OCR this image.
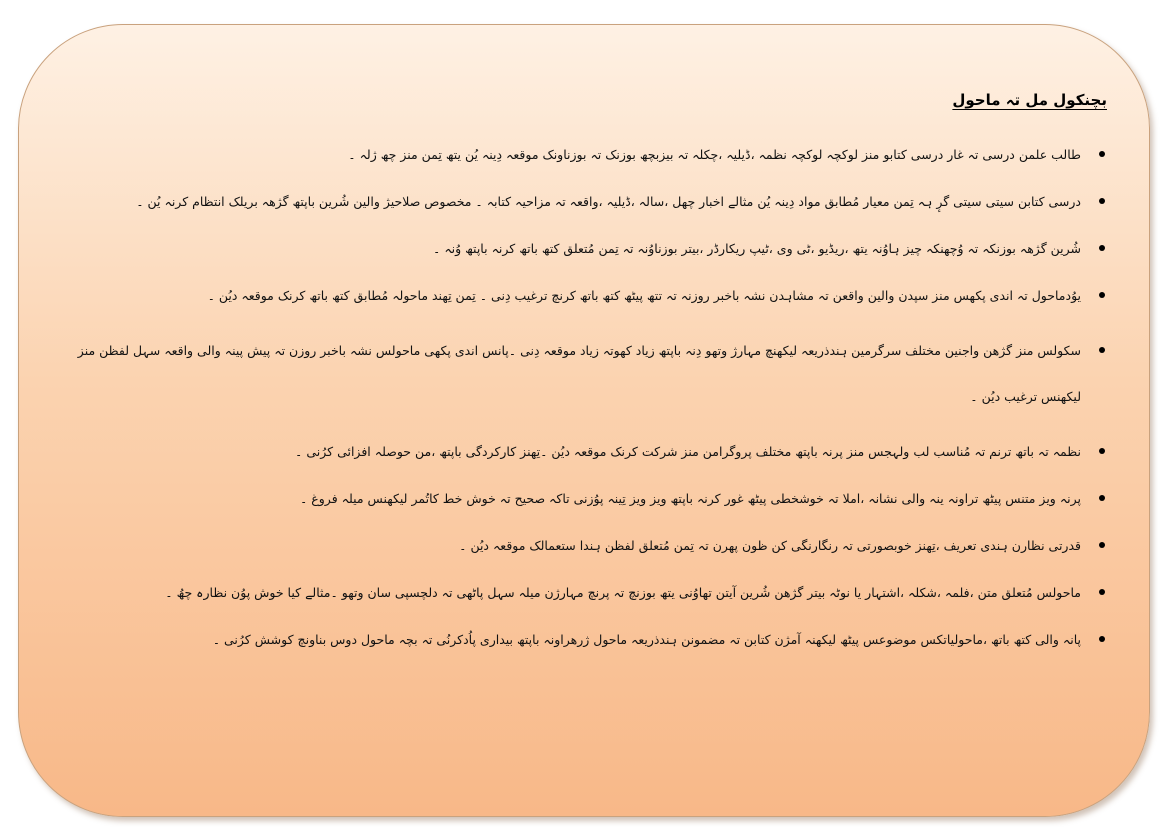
بچنکول مل تہ ماحول
طالب علمن درسی تہ غار درسی کتابو منز لوکچہ لوکچہ نظمہ ،ڈیلیہ ،چکلہ تہ بیزبچھ بوزنک تہ بوزناونک موقعہ دِینہ یُن یتھ تِمن منز چھ ژلہ ۔
درسی کتابن سیتی سیتی گرٕ ہہ تِمن معیار مُطابق مواد دِینہ یُن مثالے اخبار چھل ،سالہ ،ڈیلیہ ،واقعہ تہ مزاحیہ کتابہ ۔ مخصوص صلاحیژ والین شُرین باپتھ گژھہ بریلک انتظام کرنہ یُن ۔
شُرین گژھہ بوزنکہ تہ وُچھنکہ چیز ہاوُنہ یتھ ،ریڈیو ،ٹی وی ،ٹیپ ریکارڈر ،بیتر بوزناوُنہ تہ تِمن مُتعلق کتھ باتھ کرنہ باپتھ وُنہ ۔
یوُدماحول تہ اندی پکھس منز سپدن والین واقعن تہ مشاہدن نشہ باخبر روزنہ تہ تتھ پیٹھ کتھ باتھ کرنچ ترغیب دِنی ۔ تِمن تِھند ماحولہ مُطابق کتھ باتھ کرنک موقعہ دیُن ۔
سکولس منز گژھن واجنین مختلف سرگرمین ہندذریعہ لیکھنچ مہارژ وتھو دِنہ باپتھ زیاد کھوتہ زیاد موقعہ دِنی ۔پانس اندی پکھی ماحولس نشہ باخبر روزن تہ پیش پینہ والی واقعہ سہل لفظن منز لیکھنس ترغیب دیُن ۔
نظمہ تہ باتھ ترنم تہ مُناسب لب ولہجس منز پرنہ باپتھ مختلف پروگرامن منز شرکت کرنک موقعہ دیُن ۔تِھنز کارکردگی باپتھ ،من حوصلہ افزائی کرُنی ۔
پرنہ ویز متنس پیٹھ تراونہ ینہ والی نشانہ ،املا تہ خوشخطی پیٹھ غور کرنہ باپتھ ویز ویز تِینہ پوُزنی تاکہ صحیح تہ خوش خط کاتُمر لیکھنس میلہ فروغ ۔
قدرتی نظارن ہندی تعریف ،تِھنز خوبصورتی تہ رنگارنگی کن ظون پھرن تہ تِمن مُتعلق لفظن ہندا ستعمالک موقعہ دیُن ۔
ماحولس مُتعلق متن ،فلمہ ،شکلہ ،اشتہار یا نوٹہ بیتر گژھن شُرین آیتن تھاوُنی یتھ بوزنچ تہ پرنچ مہارژن میلہ سہل پاٹھی تہ دلچسپی سان وتھو ۔مثالے کیا خوش پوُن نظارہ چھُ ۔
پانہ والی کتھ باتھ ،ماحولیاتکس موضوعس پیٹھ لیکھنہ آمژن کتابن تہ مضمونن ہندذریعہ ماحول ژرھراونہ باپتھ بیداری پاُدکرنُی تہ بچہ ماحول دوس بناونچ کوشش کرُنی ۔
